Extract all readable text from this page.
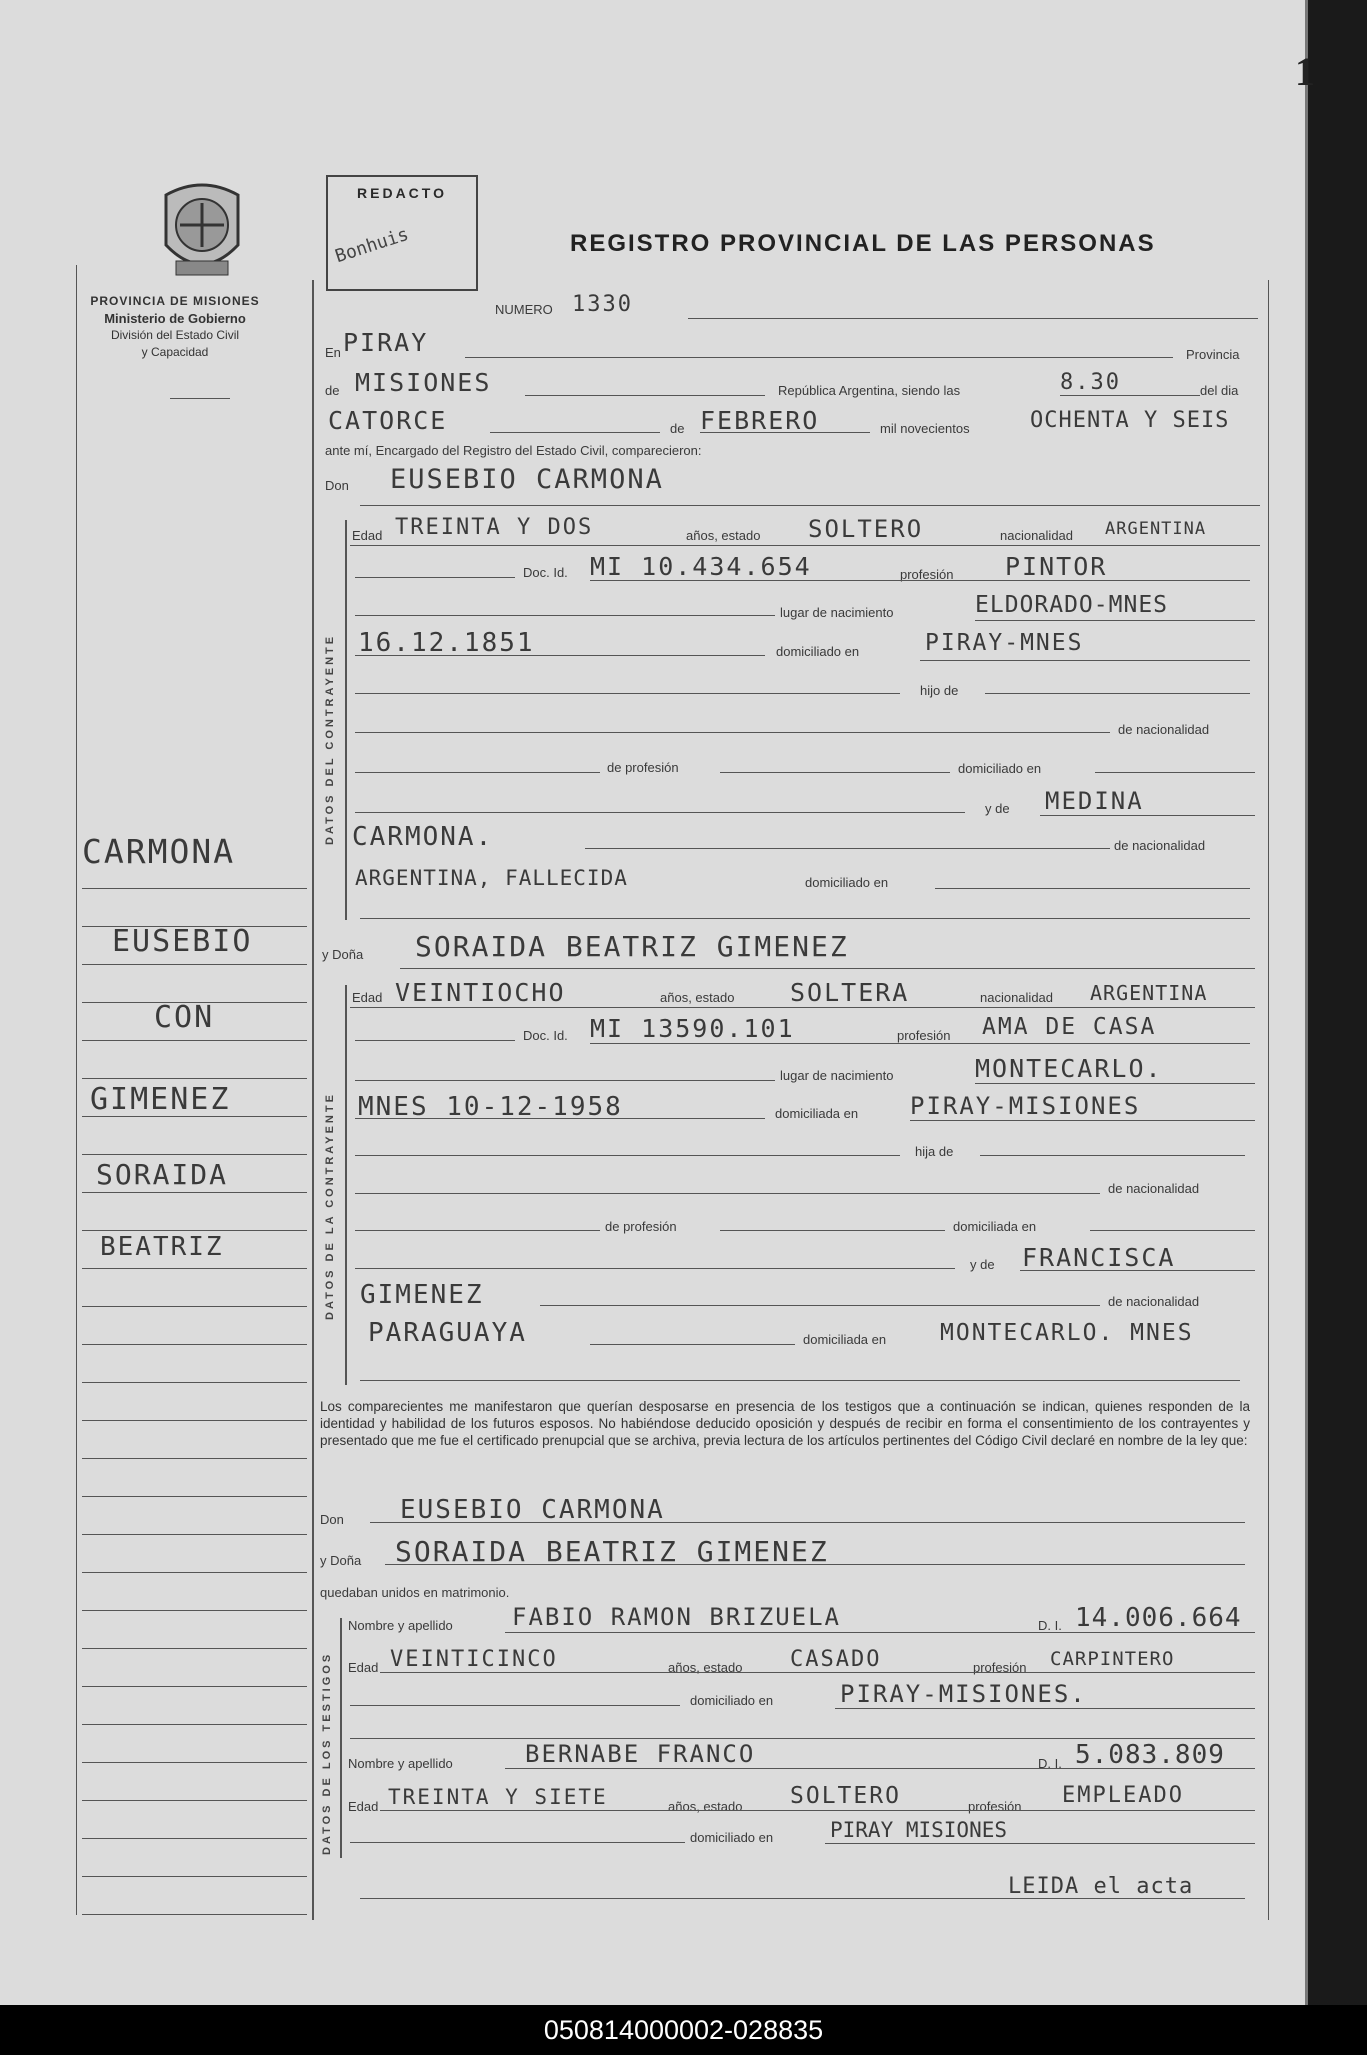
1
PROVINCIA DE MISIONES
Ministerio de Gobierno
División del Estado Civil
y Capacidad
REDACTO
Bonhuis	REGISTRO PROVINCIAL DE LAS PERSONAS
CARMONA
EUSEBIO
CON
GIMENEZ
SORAIDA
BEATRIZ
NUMERO 1330
En PIRAY	Provincia
de MISIONES	República Argentina, siendo las	8.30	del dia
CATORCE	de FEBRERO	mil novecientos	OCHENTA Y SEIS
ante mí, Encargado del Registro del Estado Civil, comparecieron:
Don EUSEBIO CARMONA
DATOS DEL CONTRAYENTE
Edad TREINTA Y DOS	años, estado SOLTERO	nacionalidad ARGENTINA
Doc. Id. MI 10.434.654	profesión PINTOR
lugar de nacimiento	ELDORADO-MNES
16.12.1851	domiciliado en	PIRAY-MNES
hijo de
de nacionalidad
de profesión	domiciliado en
y de MEDINA
CARMONA.	de nacionalidad
ARGENTINA, FALLECIDA	domiciliado en
y Doña SORAIDA BEATRIZ GIMENEZ
DATOS DE LA CONTRAYENTE
Edad VEINTIOCHO	años, estado SOLTERA	nacionalidad ARGENTINA
Doc. Id. MI 13590.101	profesión AMA DE CASA
lugar de nacimiento	MONTECARLO.
MNES 10-12-1958	domiciliada en PIRAY-MISIONES
hija de
de nacionalidad
de profesión	domiciliada en
y de FRANCISCA
GIMENEZ	de nacionalidad
PARAGUAYA	domiciliada en MONTECARLO. MNES
Los comparecientes me manifestaron que querían desposarse en presencia de los testigos que a continuación se indican, quienes responden de la identidad y habilidad de los futuros esposos. No habiéndose deducido oposición y después de recibir en forma el consentimiento de los contrayentes y presentado que me fue el certificado prenupcial que se archiva, previa lectura de los artículos pertinentes del Código Civil declaré en nombre de la ley que:
Don EUSEBIO CARMONA
y Doña SORAIDA BEATRIZ GIMENEZ
quedaban unidos en matrimonio.
DATOS DE LOS TESTIGOS
Nombre y apellido FABIO RAMON BRIZUELA	D. I. 14.006.664
Edad VEINTICINCO	años, estado CASADO	profesión CARPINTERO
domiciliado en	PIRAY-MISIONES.
Nombre y apellido	BERNABE FRANCO	D. I. 5.083.809
Edad TREINTA Y SIETE	años, estado SOLTERO	profesión EMPLEADO
domiciliado en	PIRAY MISIONES
LEIDA el acta
050814000002-028835
